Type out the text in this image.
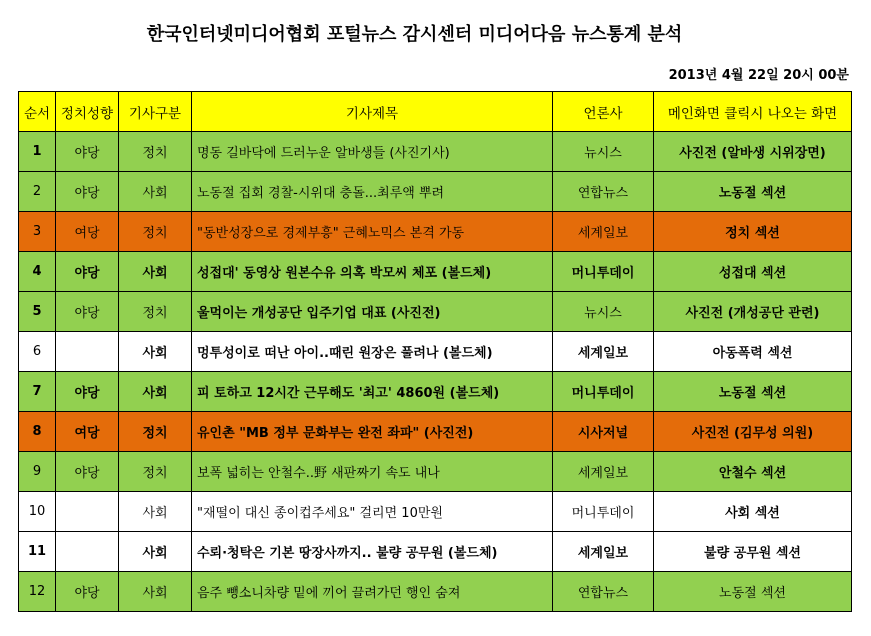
한국인터넷미디어협회 포털뉴스 감시센터 미디어다음 뉴스통계 분석
2013년 4월 22일 20시 00분
순서	정치성향	기사구분	기사제목	언론사	메인화면 클릭시 나오는 화면
1	야당	정치	명동 길바닥에 드러누운 알바생들 (사진기사)	뉴시스	사진전 (알바생 시위장면)
2	야당	사회	노동절 집회 경찰-시위대 충돌...최루액 뿌려	연합뉴스	노동절 섹션
3	여당	정치	"동반성장으로 경제부흥" 근혜노믹스 본격 가동	세계일보	정치 섹션
4	야당	사회	성접대' 동영상 원본수유 의혹 박모씨 체포 (볼드체)	머니투데이	성접대 섹션
5	야당	정치	울먹이는 개성공단 입주기업 대표 (사진전)	뉴시스	사진전 (개성공단 관련)
6		사회	멍투성이로 떠난 아이..때린 원장은 풀려나 (볼드체)	세계일보	아동폭력 섹션
7	야당	사회	피 토하고 12시간 근무해도 '최고' 4860원 (볼드체)	머니투데이	노동절 섹션
8	여당	정치	유인촌 "MB 정부 문화부는 완전 좌파" (사진전)	시사저널	사진전 (김무성 의원)
9	야당	정치	보폭 넓히는 안철수..野 새판짜기 속도 내나	세계일보	안철수 섹션
10		사회	"재떨이 대신 종이컵주세요" 걸리면 10만원	머니투데이	사회 섹션
11		사회	수뢰·청탁은 기본 땅장사까지.. 불량 공무원 (볼드체)	세계일보	불량 공무원 섹션
12	야당	사회	음주 뺑소니차량 밑에 끼어 끌려가던 행인 숨져	연합뉴스	노동절 섹션
